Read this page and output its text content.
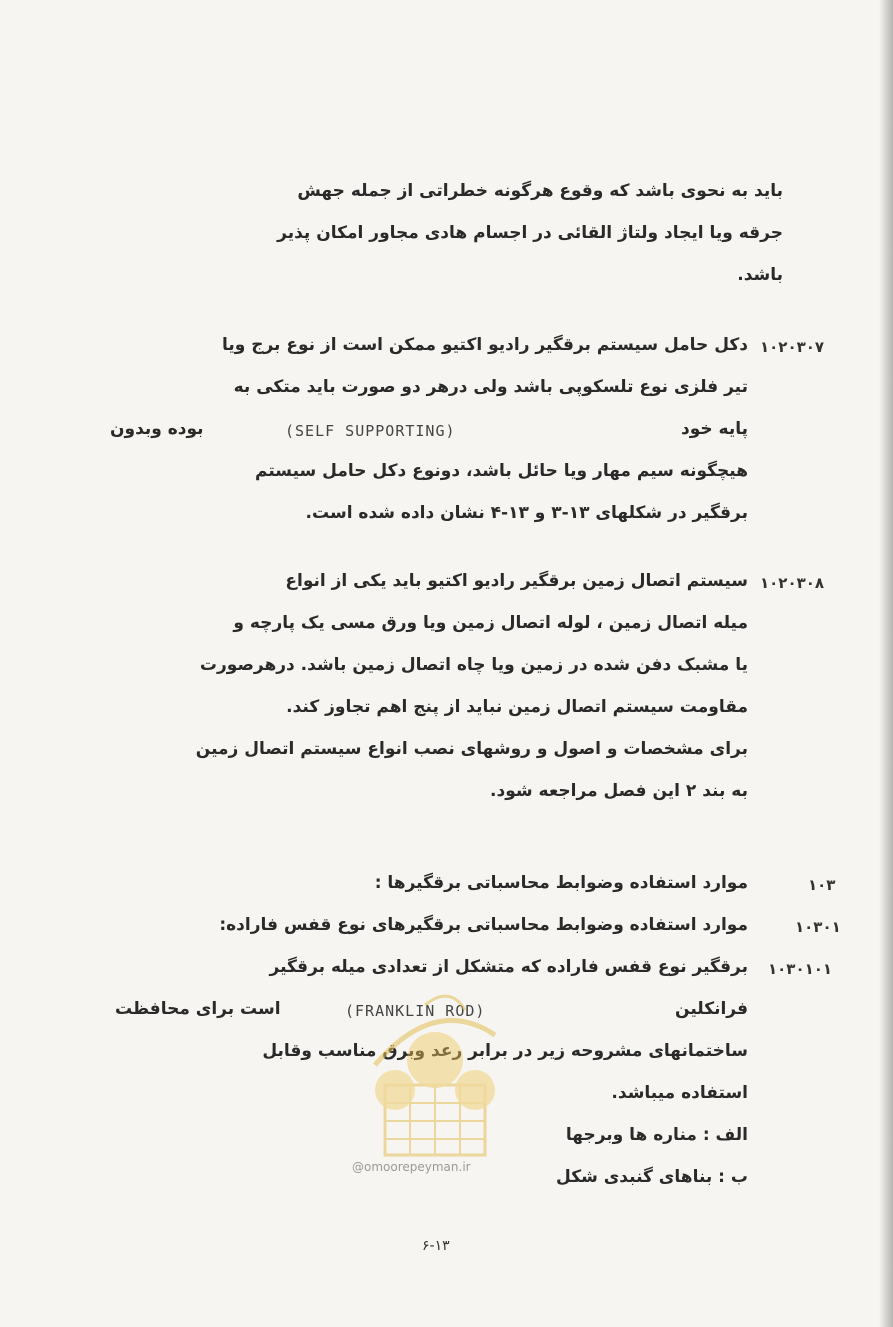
باید به نحوی باشد که وقوع هرگونه خطراتی از جمله جهش
جرقه ویا ایجاد ولتاژ القائی در اجسام هادی مجاور امکان پذیر
باشد.
۱۰۲۰۳۰۷
دکل حامل سیستم برقگیر رادیو اکتیو ممکن است از نوع برج ویا
تیر فلزی نوع تلسکوپی باشد ولی درهر دو صورت باید متکی به
پایه خود
(SELF SUPPORTING)
بوده وبدون
هیچگونه سیم مهار ویا حائل باشد، دونوع دکل حامل سیستم
برقگیر در شکلهای ۱۳-۳ و ۱۳-۴ نشان داده شده است.
۱۰۲۰۳۰۸
سیستم اتصال زمین برقگیر رادیو اکتیو باید یکی از انواع
میله اتصال زمین ، لوله اتصال زمین ویا ورق مسی یک پارچه و
یا مشبک دفن شده در زمین ویا چاه اتصال زمین باشد. درهرصورت
مقاومت سیستم اتصال زمین نباید از پنج اهم تجاوز کند.
برای مشخصات و اصول و روشهای نصب انواع سیستم اتصال زمین
به بند ۲ این فصل مراجعه شود.
۱۰۳
موارد استفاده وضوابط محاسباتی برقگیرها :
۱۰۳۰۱
موارد استفاده وضوابط محاسباتی برقگیرهای نوع قفس فاراده:
۱۰۳۰۱۰۱
برقگیر نوع قفس فاراده که متشکل از تعدادی میله برقگیر
فرانکلین
(FRANKLIN ROD)
است برای محافظت
ساختمانهای مشروحه زیر در برابر رعد وبرق مناسب وقابل
استفاده میباشد.
الف : مناره ها وبرجها
ب : بناهای گنبدی شکل
@omoorepeyman.ir
۶-۱۳
